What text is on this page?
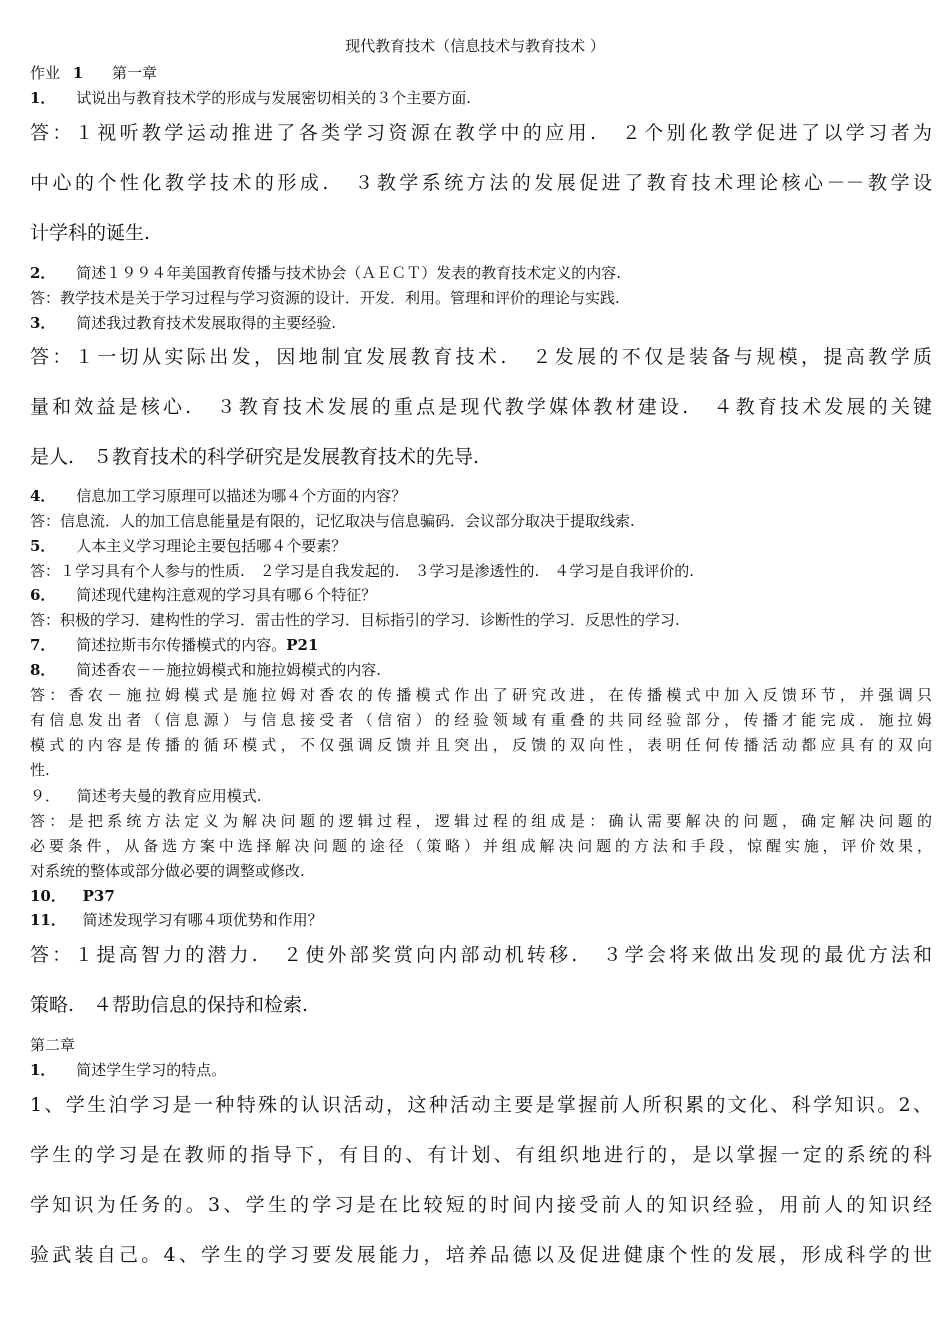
现代教育技术（信息技术与教育技术 ）
作业 1 第一章
1． 试说出与教育技术学的形成与发展密切相关的３个主要方面.
答：１视听教学运动推进了各类学习资源在教学中的应用.　２个别化教学促进了以学习者为
中心的个性化教学技术的形成.　３教学系统方法的发展促进了教育技术理论核心－－教学设
计学科的诞生.
2． 简述１９９４年美国教育传播与技术协会（ＡＥＣＴ）发表的教育技术定义的内容.
答：教学技术是关于学习过程与学习资源的设计．开发．利用。管理和评价的理论与实践.
3． 简述我过教育技术发展取得的主要经验.
答：１一切从实际出发，因地制宜发展教育技术.　２发展的不仅是装备与规模，提高教学质
量和效益是核心.　３教育技术发展的重点是现代教学媒体教材建设.　４教育技术发展的关键
是人.　５教育技术的科学研究是发展教育技术的先导.
4． 信息加工学习原理可以描述为哪４个方面的内容？
答：信息流．人的加工信息能量是有限的，记忆取决与信息骗码．会议部分取决于提取线索.
5． 人本主义学习理论主要包括哪４个要素？
答：１学习具有个人参与的性质.　２学习是自我发起的.　３学习是渗透性的.　４学习是自我评价的.
6． 简述现代建构注意观的学习具有哪６个特征？
答：积极的学习．建构性的学习．雷击性的学习．目标指引的学习．诊断性的学习．反思性的学习.
7． 简述拉斯韦尔传播模式的内容。P21
8． 简述香农－－施拉姆模式和施拉姆模式的内容.
答：香农－施拉姆模式是施拉姆对香农的传播模式作出了研究改进，在传播模式中加入反馈环节，并强调只
有信息发出者（信息源）与信息接受者（信宿）的经验领域有重叠的共同经验部分，传播才能完成．施拉姆
模式的内容是传播的循环模式，不仅强调反馈并且突出，反馈的双向性，表明任何传播活动都应具有的双向
性.
９． 简述考夫曼的教育应用模式.
答：是把系统方法定义为解决问题的逻辑过程，逻辑过程的组成是：确认需要解决的问题，确定解决问题的
必要条件，从备选方案中选择解决问题的途径（策略）并组成解决问题的方法和手段，惊醒实施，评价效果，
对系统的整体或部分做必要的调整或修改.
10． P37
11． 简述发现学习有哪４项优势和作用？
答：１提高智力的潜力.　２使外部奖赏向内部动机转移.　３学会将来做出发现的最优方法和
策略.　４帮助信息的保持和检索.
第二章
1． 简述学生学习的特点。
1、学生泊学习是一种特殊的认识活动，这种活动主要是掌握前人所积累的文化、科学知识。2、
学生的学习是在教师的指导下，有目的、有计划、有组织地进行的，是以掌握一定的系统的科
学知识为任务的。3、学生的学习是在比较短的时间内接受前人的知识经验，用前人的知识经
验武装自己。4、学生的学习要发展能力，培养品德以及促进健康个性的发展，形成科学的世
